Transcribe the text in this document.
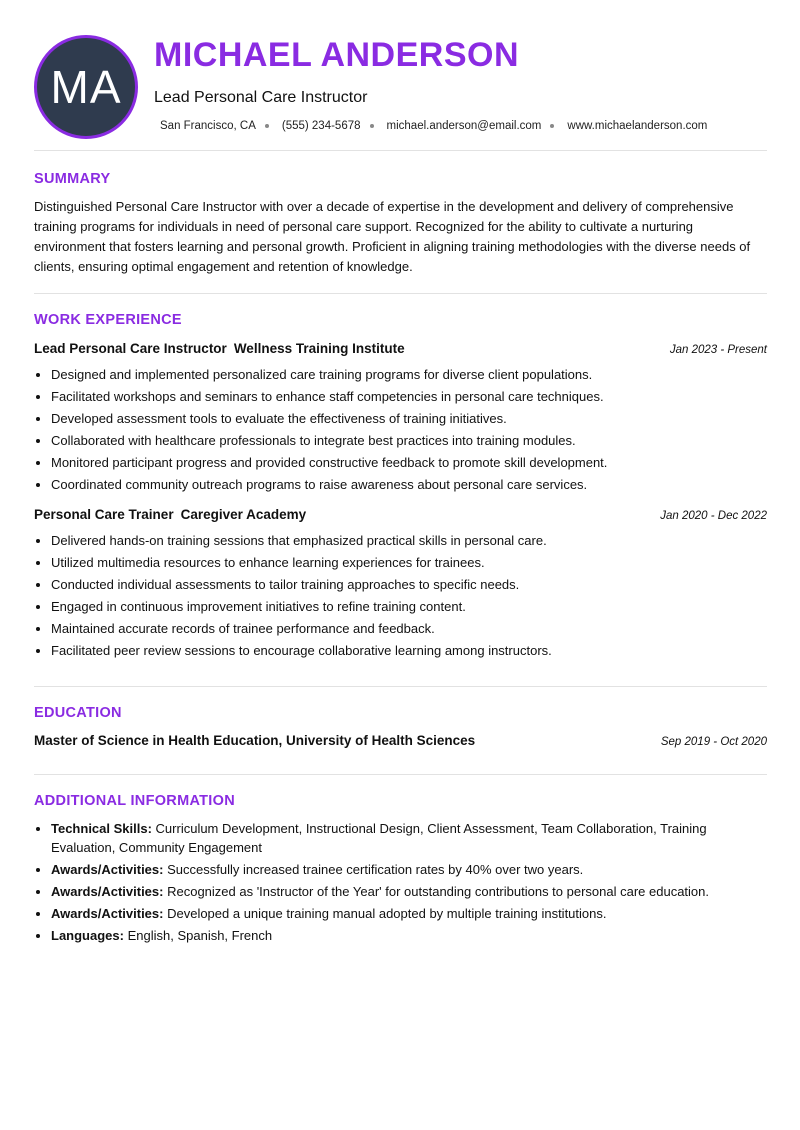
MA
MICHAEL ANDERSON
Lead Personal Care Instructor
San Francisco, CA (555) 234-5678 michael.anderson@email.com www.michaelanderson.com
SUMMARY

Distinguished Personal Care Instructor with over a decade of expertise in the development and delivery of comprehensive training programs for individuals in need of personal care support. Recognized for the ability to cultivate a nurturing environment that fosters learning and personal growth. Proficient in aligning training methodologies with the diverse needs of clients, ensuring optimal engagement and retention of knowledge.

WORK EXPERIENCE
Lead Personal Care Instructor Wellness Training Institute	Jan 2023 - Present
• Designed and implemented personalized care training programs for diverse client populations.
• Facilitated workshops and seminars to enhance staff competencies in personal care techniques.
• Developed assessment tools to evaluate the effectiveness of training initiatives.
• Collaborated with healthcare professionals to integrate best practices into training modules.
• Monitored participant progress and provided constructive feedback to promote skill development.
• Coordinated community outreach programs to raise awareness about personal care services.
Personal Care Trainer Caregiver Academy	Jan 2020 - Dec 2022
• Delivered hands-on training sessions that emphasized practical skills in personal care.
• Utilized multimedia resources to enhance learning experiences for trainees.
• Conducted individual assessments to tailor training approaches to specific needs.
• Engaged in continuous improvement initiatives to refine training content.
• Maintained accurate records of trainee performance and feedback.
• Facilitated peer review sessions to encourage collaborative learning among instructors.
EDUCATION
Master of Science in Health Education, University of Health Sciences	Sep 2019 - Oct 2020
ADDITIONAL INFORMATION
• Technical Skills: Curriculum Development, Instructional Design, Client Assessment, Team Collaboration, Training Evaluation, Community Engagement
• Awards/Activities: Successfully increased trainee certification rates by 40% over two years.
• Awards/Activities: Recognized as 'Instructor of the Year' for outstanding contributions to personal care education.
• Awards/Activities: Developed a unique training manual adopted by multiple training institutions.
• Languages: English, Spanish, French
